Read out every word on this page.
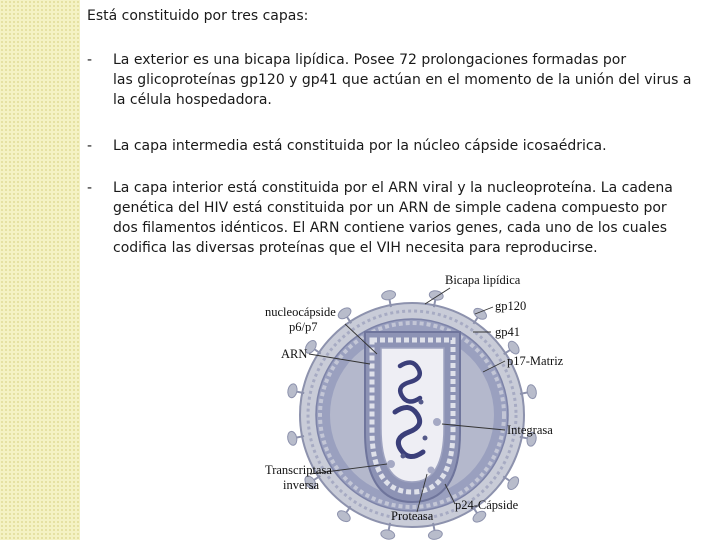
Está constituido por tres capas:

- La exterior es una bicapa lipídica. Posee 72 prolongaciones formadas por
las glicoproteínas gp120 y gp41 que actúan en el momento de la unión del virus a
la célula hospedadora.
- La capa intermedia está constituida por la núcleo cápside icosaédrica.
- La capa interior está constituida por el ARN viral y la nucleoproteína. La cadena
genética del HIV está constituida por un ARN de simple cadena compuesto por
dos filamentos idénticos. El ARN contiene varios genes, cada uno de los cuales
codifica las diversas proteínas que el VIH necesita para reproducirse.
Bicapa lipídica
gp120
gp41
nucleocápside
p6/p7
ARN	p17-Matriz
Integrasa
Transcriptasa
inversa
Proteasa
p24-Cápside
